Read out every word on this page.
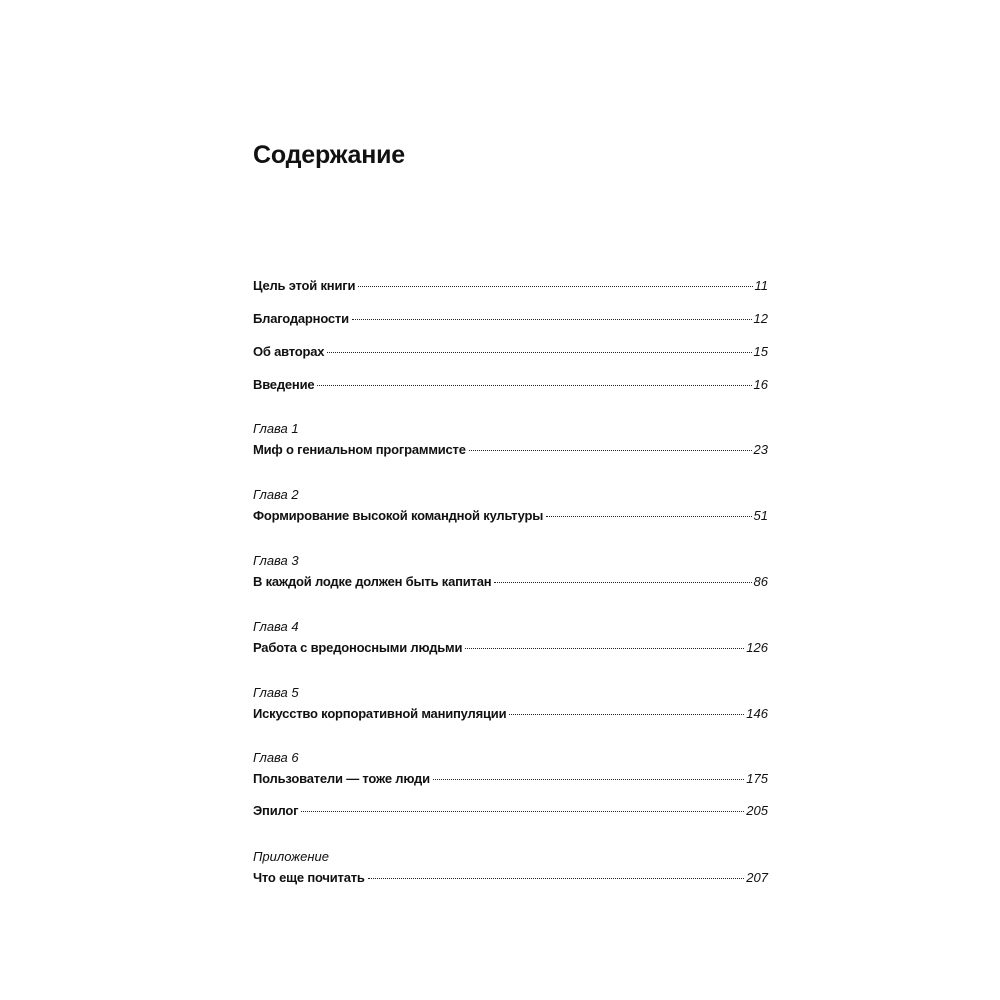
Содержание
Цель этой книги	11
Благодарности	12
Об авторах	15
Введение	16
Глава 1
Миф о гениальном программисте	23
Глава 2
Формирование высокой командной культуры	51
Глава 3
В каждой лодке должен быть капитан	86
Глава 4
Работа с вредоносными людьми	126
Глава 5
Искусство корпоративной манипуляции	146
Глава 6
Пользователи — тоже люди	175
Эпилог	205
Приложение
Что еще почитать	207
